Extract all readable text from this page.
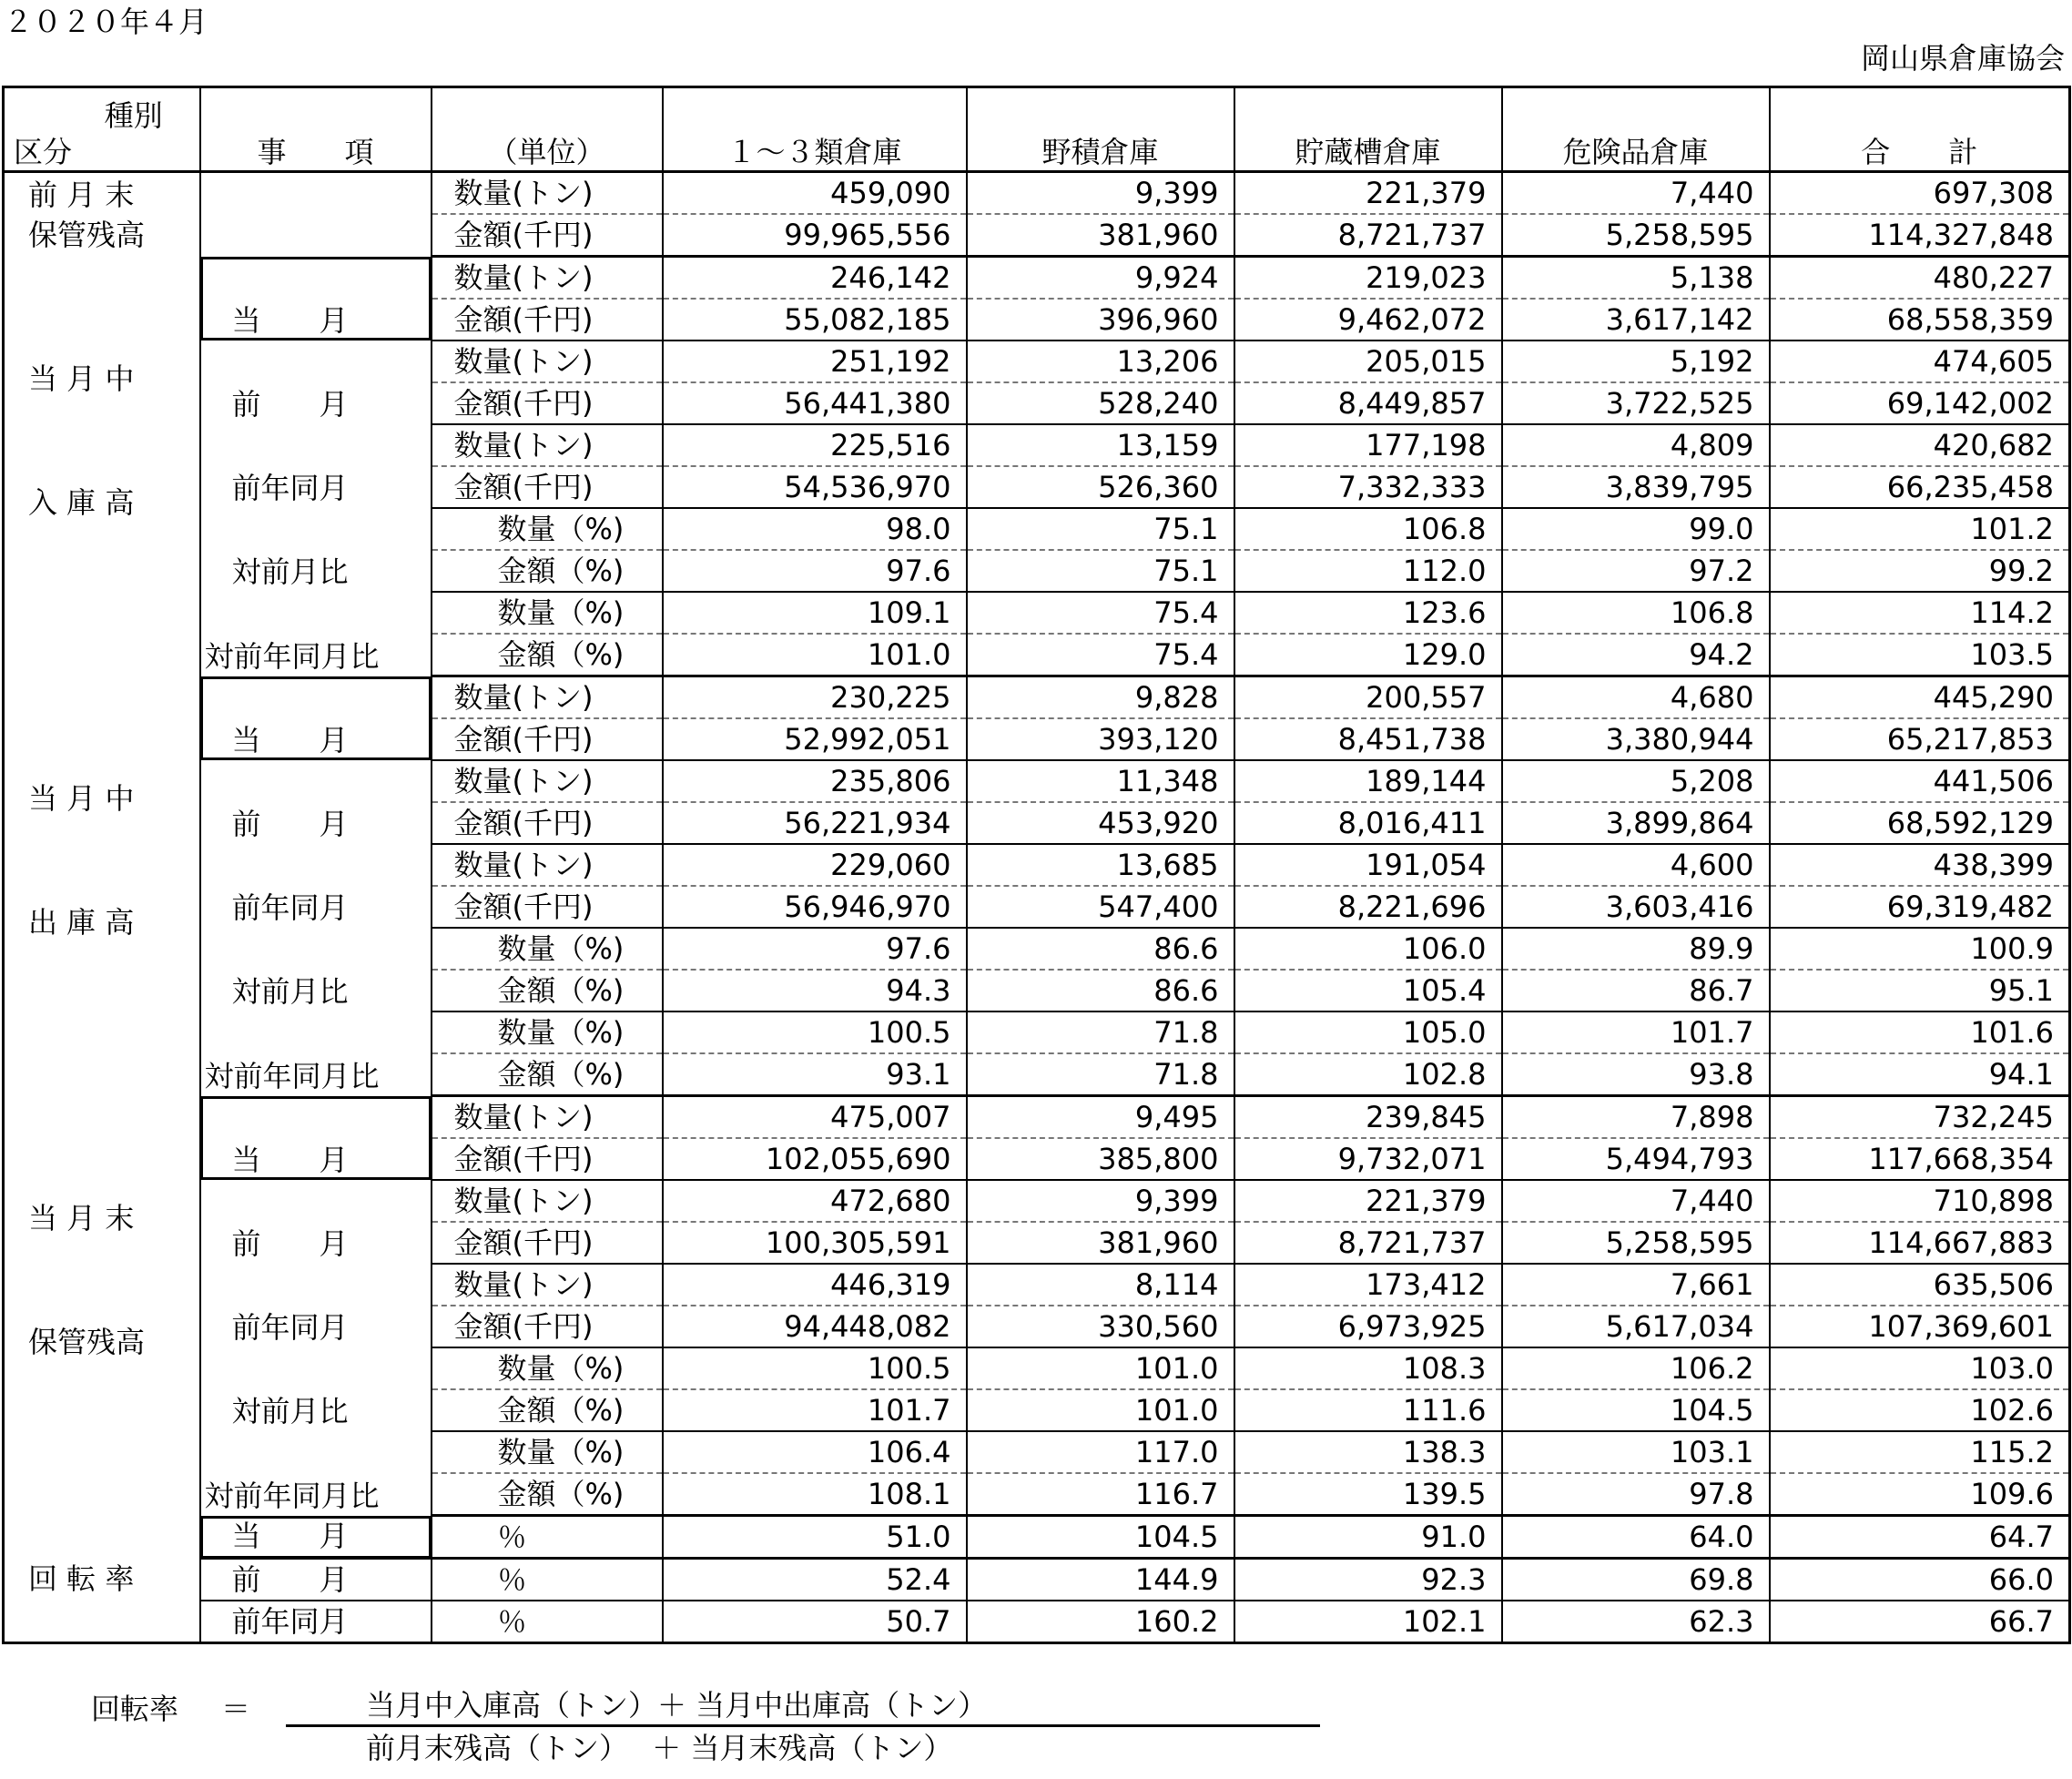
２０２０年４月
岡山県倉庫協会
種別
区分	事　　項	（単位）	１～３類倉庫	野積倉庫	貯蔵槽倉庫	危険品倉庫	合　　計

前 月 末
保管残高		数量(トン)	459,090	9,399	221,379	7,440	697,308
		金額(千円)	99,965,556	381,960	8,721,737	5,258,595	114,327,848

当 月 中
入 庫 高	当　　月	数量(トン)	246,142	9,924	219,023	5,138	480,227
		金額(千円)	55,082,185	396,960	9,462,072	3,617,142	68,558,359
	前　　月	数量(トン)	251,192	13,206	205,015	5,192	474,605
		金額(千円)	56,441,380	528,240	8,449,857	3,722,525	69,142,002
	前年同月	数量(トン)	225,516	13,159	177,198	4,809	420,682
		金額(千円)	54,536,970	526,360	7,332,333	3,839,795	66,235,458
	対前月比	数量（%)	98.0	75.1	106.8	99.0	101.2
		金額（%)	97.6	75.1	112.0	97.2	99.2
	対前年同月比	数量（%)	109.1	75.4	123.6	106.8	114.2
		金額（%)	101.0	75.4	129.0	94.2	103.5

当 月 中
出 庫 高	当　　月	数量(トン)	230,225	9,828	200,557	4,680	445,290
		金額(千円)	52,992,051	393,120	8,451,738	3,380,944	65,217,853
	前　　月	数量(トン)	235,806	11,348	189,144	5,208	441,506
		金額(千円)	56,221,934	453,920	8,016,411	3,899,864	68,592,129
	前年同月	数量(トン)	229,060	13,685	191,054	4,600	438,399
		金額(千円)	56,946,970	547,400	8,221,696	3,603,416	69,319,482
	対前月比	数量（%)	97.6	86.6	106.0	89.9	100.9
		金額（%)	94.3	86.6	105.4	86.7	95.1
	対前年同月比	数量（%)	100.5	71.8	105.0	101.7	101.6
		金額（%)	93.1	71.8	102.8	93.8	94.1

当 月 末
保管残高	当　　月	数量(トン)	475,007	9,495	239,845	7,898	732,245
		金額(千円)	102,055,690	385,800	9,732,071	5,494,793	117,668,354
	前　　月	数量(トン)	472,680	9,399	221,379	7,440	710,898
		金額(千円)	100,305,591	381,960	8,721,737	5,258,595	114,667,883
	前年同月	数量(トン)	446,319	8,114	173,412	7,661	635,506
		金額(千円)	94,448,082	330,560	6,973,925	5,617,034	107,369,601
	対前月比	数量（%)	100.5	101.0	108.3	106.2	103.0
		金額（%)	101.7	101.0	111.6	104.5	102.6
	対前年同月比	数量（%)	106.4	117.0	138.3	103.1	115.2
		金額（%)	108.1	116.7	139.5	97.8	109.6

回 転 率	当　　月	％	51.0	104.5	91.0	64.0	64.7
	前　　月	％	52.4	144.9	92.3	69.8	66.0
	前年同月	％	50.7	160.2	102.1	62.3	66.7
回転率 ＝	当月中入庫高（トン）＋ 当月中出庫高（トン）
前月末残高（トン）　 ＋ 当月末残高（トン）
